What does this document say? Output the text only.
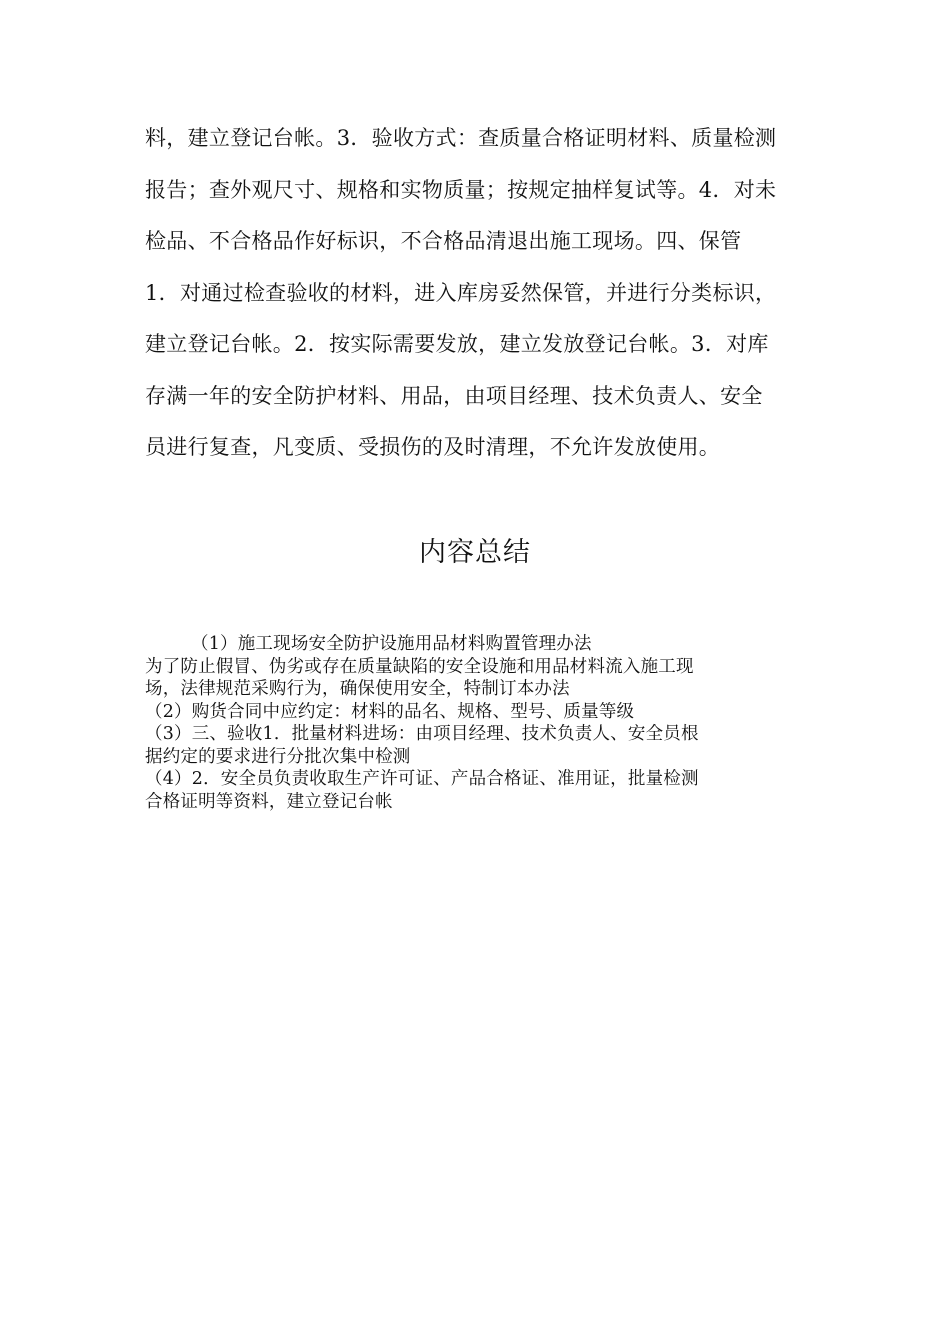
料，建立登记台帐。3．验收方式：查质量合格证明材料、质量检测
报告；查外观尺寸、规格和实物质量；按规定抽样复试等。4．对未
检品、不合格品作好标识，不合格品清退出施工现场。四、保管
1．对通过检查验收的材料，进入库房妥然保管，并进行分类标识，
建立登记台帐。2．按实际需要发放，建立发放登记台帐。3．对库
存满一年的安全防护材料、用品，由项目经理、技术负责人、安全
员进行复查，凡变质、受损伤的及时清理，不允许发放使用。
内容总结
（1）施工现场安全防护设施用品材料购置管理办法
为了防止假冒、伪劣或存在质量缺陷的安全设施和用品材料流入施工现
场，法律规范采购行为，确保使用安全，特制订本办法
（2）购货合同中应约定：材料的品名、规格、型号、质量等级
（3）三、验收1．批量材料进场：由项目经理、技术负责人、安全员根
据约定的要求进行分批次集中检测
（4）2．安全员负责收取生产许可证、产品合格证、准用证，批量检测
合格证明等资料，建立登记台帐
